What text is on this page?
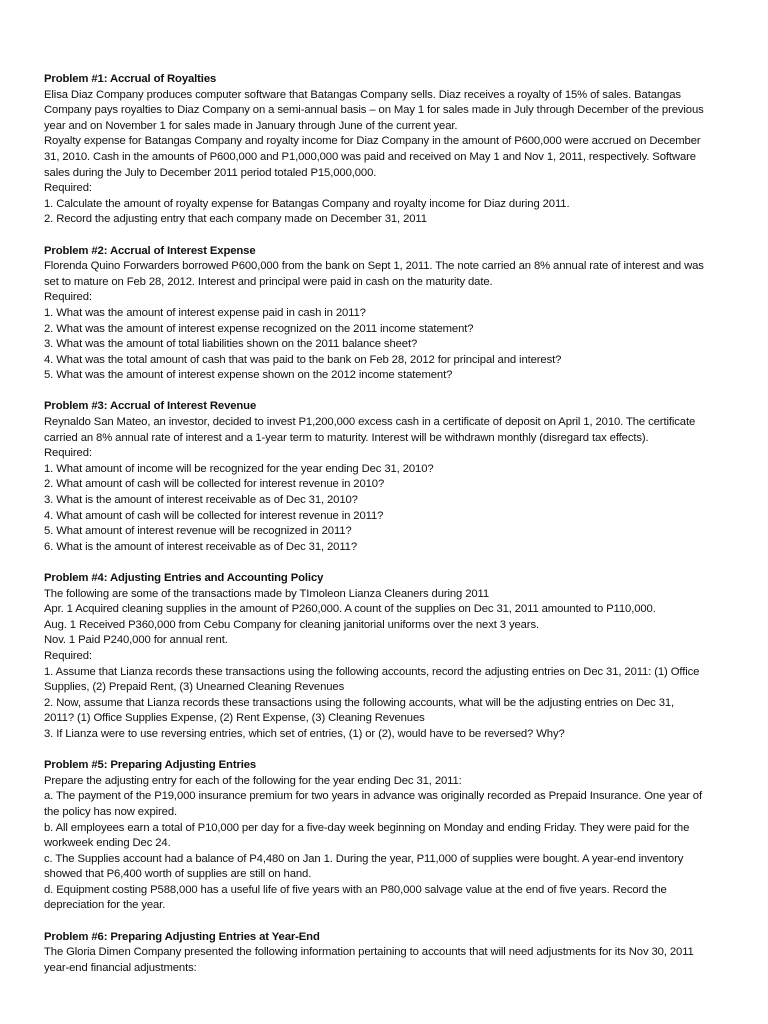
Problem #1: Accrual of Royalties
Elisa Diaz Company produces computer software that Batangas Company sells. Diaz receives a royalty of 15% of sales. Batangas
Company pays royalties to Diaz Company on a semi-annual basis – on May 1 for sales made in July through December of the previous
year and on November 1 for sales made in January through June of the current year.
Royalty expense for Batangas Company and royalty income for Diaz Company in the amount of P600,000 were accrued on December
31, 2010. Cash in the amounts of P600,000 and P1,000,000 was paid and received on May 1 and Nov 1, 2011, respectively. Software
sales during the July to December 2011 period totaled P15,000,000.
Required:
1. Calculate the amount of royalty expense for Batangas Company and royalty income for Diaz during 2011.
2. Record the adjusting entry that each company made on December 31, 2011
Problem #2: Accrual of Interest Expense
Florenda Quino Forwarders borrowed P600,000 from the bank on Sept 1, 2011. The note carried an 8% annual rate of interest and was
set to mature on Feb 28, 2012. Interest and principal were paid in cash on the maturity date.
Required:
1. What was the amount of interest expense paid in cash in 2011?
2. What was the amount of interest expense recognized on the 2011 income statement?
3. What was the amount of total liabilities shown on the 2011 balance sheet?
4. What was the total amount of cash that was paid to the bank on Feb 28, 2012 for principal and interest?
5. What was the amount of interest expense shown on the 2012 income statement?
Problem #3: Accrual of Interest Revenue
Reynaldo San Mateo, an investor, decided to invest P1,200,000 excess cash in a certificate of deposit on April 1, 2010. The certificate
carried an 8% annual rate of interest and a 1-year term to maturity. Interest will be withdrawn monthly (disregard tax effects).
Required:
1. What amount of income will be recognized for the year ending Dec 31, 2010?
2. What amount of cash will be collected for interest revenue in 2010?
3. What is the amount of interest receivable as of Dec 31, 2010?
4. What amount of cash will be collected for interest revenue in 2011?
5. What amount of interest revenue will be recognized in 2011?
6. What is the amount of interest receivable as of Dec 31, 2011?
Problem #4: Adjusting Entries and Accounting Policy
The following are some of the transactions made by TImoleon Lianza Cleaners during 2011
Apr. 1 Acquired cleaning supplies in the amount of P260,000. A count of the supplies on Dec 31, 2011 amounted to P110,000.
Aug. 1 Received P360,000 from Cebu Company for cleaning janitorial uniforms over the next 3 years.
Nov. 1 Paid P240,000 for annual rent.
Required:
1. Assume that Lianza records these transactions using the following accounts, record the adjusting entries on Dec 31, 2011: (1) Office
Supplies, (2) Prepaid Rent, (3) Unearned Cleaning Revenues
2. Now, assume that Lianza records these transactions using the following accounts, what will be the adjusting entries on Dec 31,
2011? (1) Office Supplies Expense, (2) Rent Expense, (3) Cleaning Revenues
3. If Lianza were to use reversing entries, which set of entries, (1) or (2), would have to be reversed? Why?
Problem #5: Preparing Adjusting Entries
Prepare the adjusting entry for each of the following for the year ending Dec 31, 2011:
a. The payment of the P19,000 insurance premium for two years in advance was originally recorded as Prepaid Insurance. One year of
the policy has now expired.
b. All employees earn a total of P10,000 per day for a five-day week beginning on Monday and ending Friday. They were paid for the
workweek ending Dec 24.
c. The Supplies account had a balance of P4,480 on Jan 1. During the year, P11,000 of supplies were bought. A year-end inventory
showed that P6,400 worth of supplies are still on hand.
d. Equipment costing P588,000 has a useful life of five years with an P80,000 salvage value at the end of five years. Record the
depreciation for the year.
Problem #6: Preparing Adjusting Entries at Year-End
The Gloria Dimen Company presented the following information pertaining to accounts that will need adjustments for its Nov 30, 2011
year-end financial adjustments:
